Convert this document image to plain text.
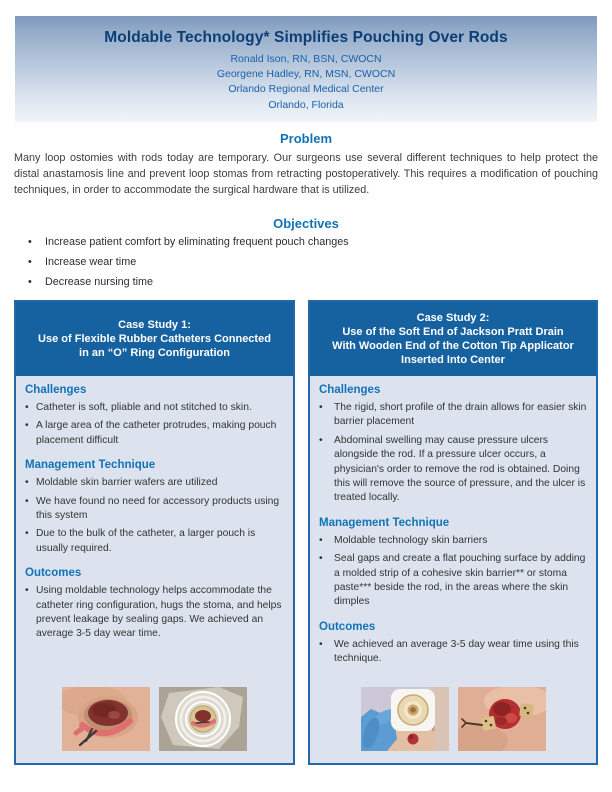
Moldable Technology* Simplifies Pouching Over Rods
Ronald Ison, RN, BSN, CWOCN
Georgene Hadley, RN, MSN, CWOCN
Orlando Regional Medical Center
Orlando, Florida
Problem
Many loop ostomies with rods today are temporary. Our surgeons use several different techniques to help protect the distal anastamosis line and prevent loop stomas from retracting postoperatively. This requires a modification of pouching techniques, in order to accommodate the surgical hardware that is utilized.
Objectives
•	Increase patient comfort by eliminating frequent pouch changes
•	Increase wear time
•	Decrease nursing time
Case Study 1:
Use of Flexible Rubber Catheters Connected
in an “O” Ring Configuration
Challenges
• Catheter is soft, pliable and not stitched to skin.
• A large area of the catheter protrudes, making pouch placement difficult
Management Technique
• Moldable skin barrier wafers are utilized
• We have found no need for accessory products using this system
• Due to the bulk of the catheter, a larger pouch is usually required.
Outcomes
• Using moldable technology helps accommodate the catheter ring configuration, hugs the stoma, and helps prevent leakage by sealing gaps. We achieved an average 3-5 day wear time.
Case Study 2:
Use of the Soft End of Jackson Pratt Drain
With Wooden End of the Cotton Tip Applicator
Inserted Into Center
Challenges
•	The rigid, short profile of the drain allows for easier skin barrier placement
•	Abdominal swelling may cause pressure ulcers alongside the rod. If a pressure ulcer occurs, a physician's order to remove the rod is obtained. Doing this will remove the source of pressure, and the ulcer is treated locally.
Management Technique
•	Moldable technology skin barriers
•	Seal gaps and create a flat pouching surface by adding a molded strip of a cohesive skin barrier** or stoma paste*** beside the rod, in the areas where the skin dimples
Outcomes
•	We achieved an average 3-5 day wear time using this technique.
